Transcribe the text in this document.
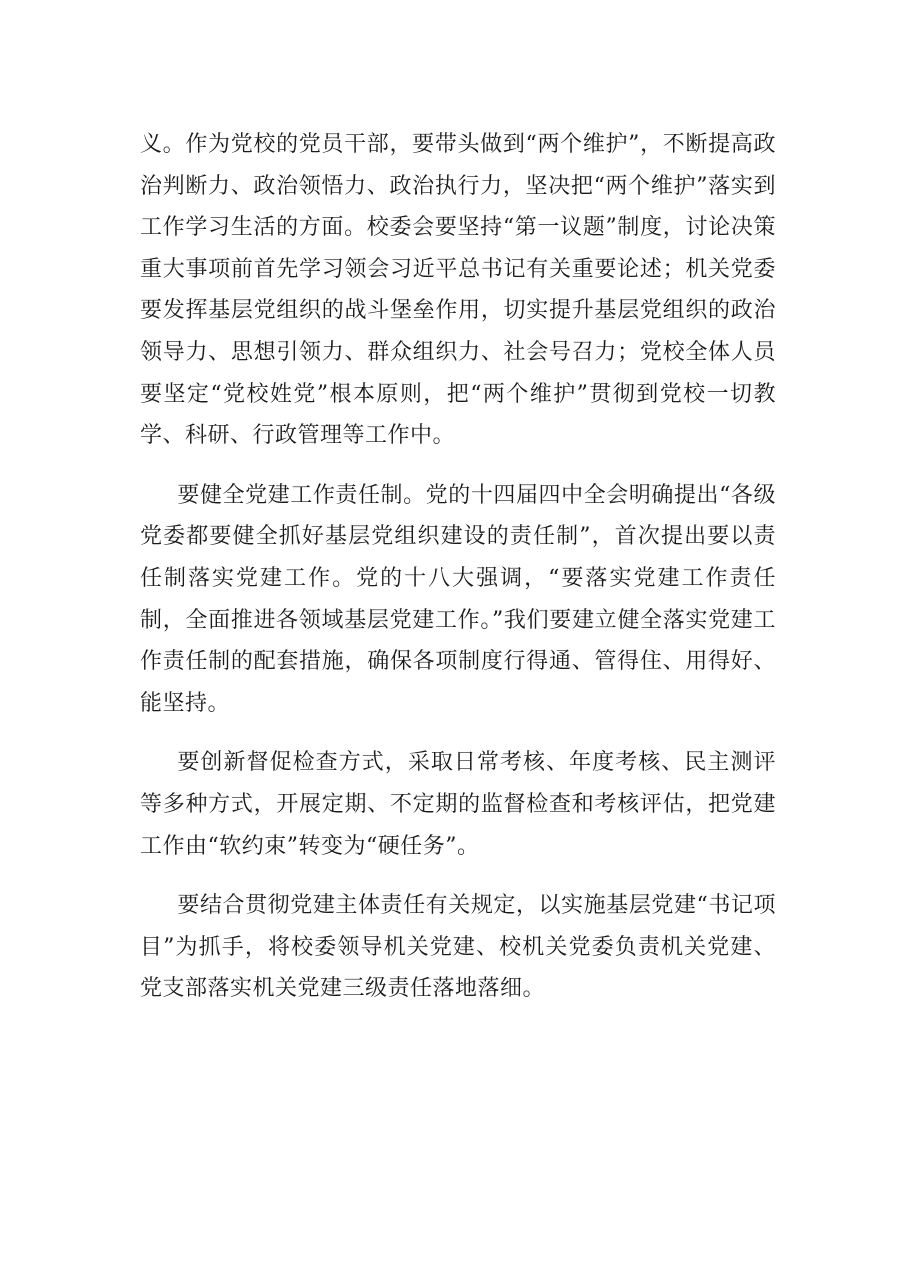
义。作为党校的党员干部，要带头做到“两个维护”，不断提高政治判断力、政治领悟力、政治执行力，坚决把“两个维护”落实到工作学习生活的方面。校委会要坚持“第一议题”制度，讨论决策重大事项前首先学习领会习近平总书记有关重要论述；机关党委要发挥基层党组织的战斗堡垒作用，切实提升基层党组织的政治领导力、思想引领力、群众组织力、社会号召力；党校全体人员要坚定“党校姓党”根本原则，把“两个维护”贯彻到党校一切教学、科研、行政管理等工作中。

要健全党建工作责任制。党的十四届四中全会明确提出“各级党委都要健全抓好基层党组织建设的责任制”，首次提出要以责任制落实党建工作。党的十八大强调，“要落实党建工作责任制，全面推进各领域基层党建工作。”我们要建立健全落实党建工作责任制的配套措施，确保各项制度行得通、管得住、用得好、能坚持。

要创新督促检查方式，采取日常考核、年度考核、民主测评等多种方式，开展定期、不定期的监督检查和考核评估，把党建工作由“软约束”转变为“硬任务”。

要结合贯彻党建主体责任有关规定，以实施基层党建“书记项目”为抓手，将校委领导机关党建、校机关党委负责机关党建、党支部落实机关党建三级责任落地落细。
